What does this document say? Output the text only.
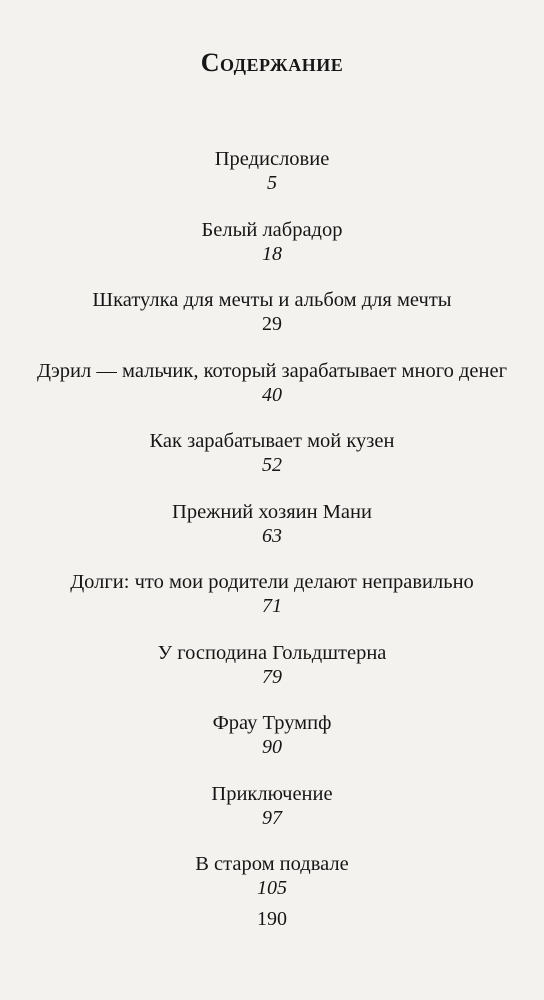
Содержание
Предисловие
5
Белый лабрадор
18
Шкатулка для мечты и альбом для мечты
29
Дэрил — мальчик, который зарабатывает много денег
40
Как зарабатывает мой кузен
52
Прежний хозяин Мани
63
Долги: что мои родители делают неправильно
71
У господина Гольдштерна
79
Фрау Трумпф
90
Приключение
97
В старом подвале
105
190
